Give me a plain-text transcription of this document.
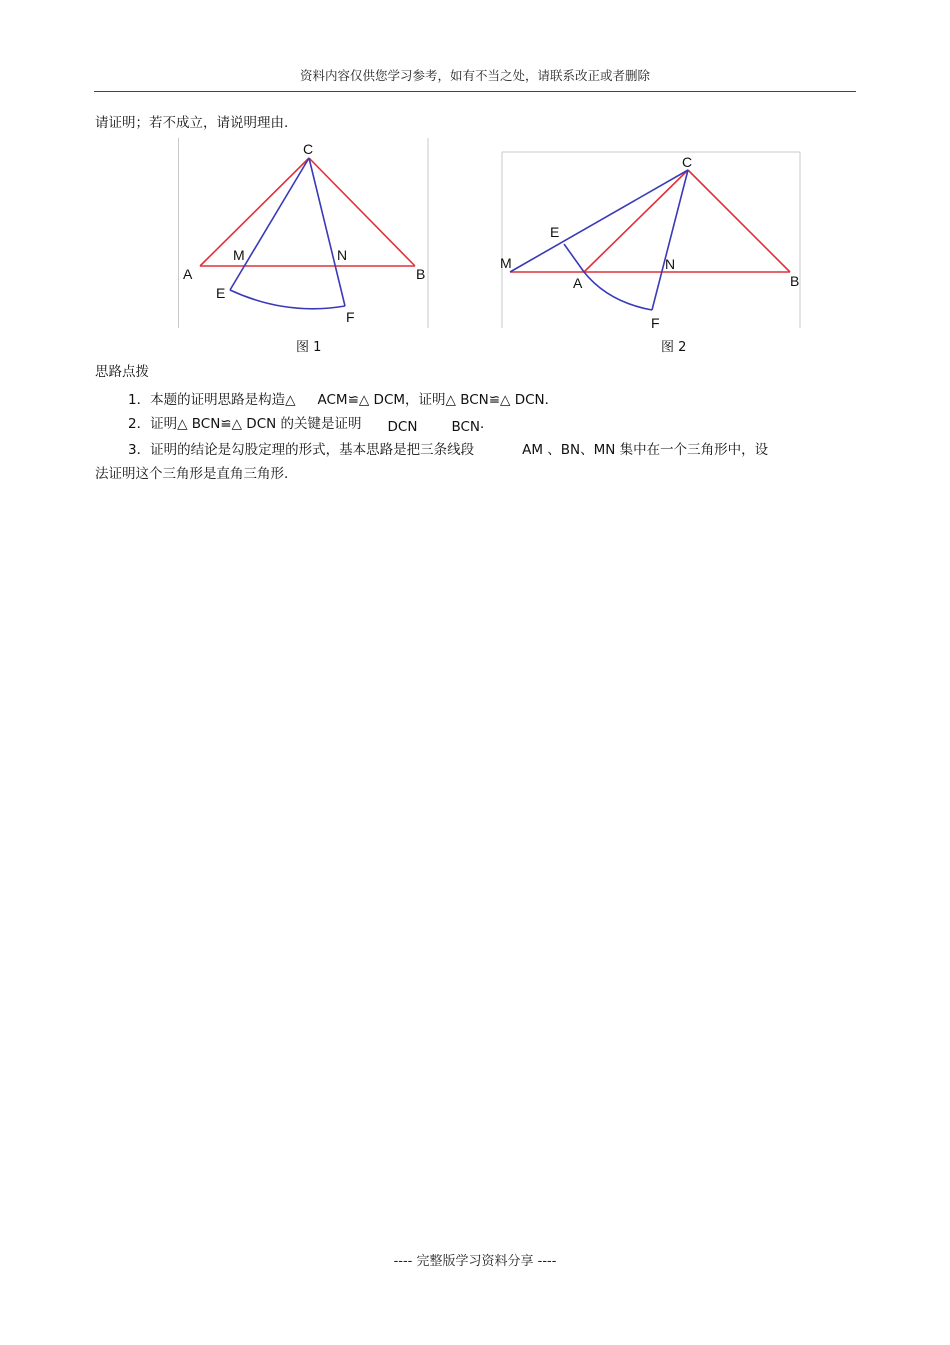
资料内容仅供您学习参考，如有不当之处，请联系改正或者删除
请证明；若不成立，请说明理由.
C
A	B
M	N
E
F
图 1
C
A	B
M	N
E
F
图 2
思路点拨
1．本题的证明思路是构造△ ACM≌△ DCM，证明△ BCN≌△ DCN．
2．证明△ BCN≌△ DCN 的关键是证明 DCN	BCN．
3．证明的结论是勾股定理的形式，基本思路是把三条线段	AM 、BN、MN 集中在一个三角形中，设
法证明这个三角形是直角三角形.
---- 完整版学习资料分享 ----
